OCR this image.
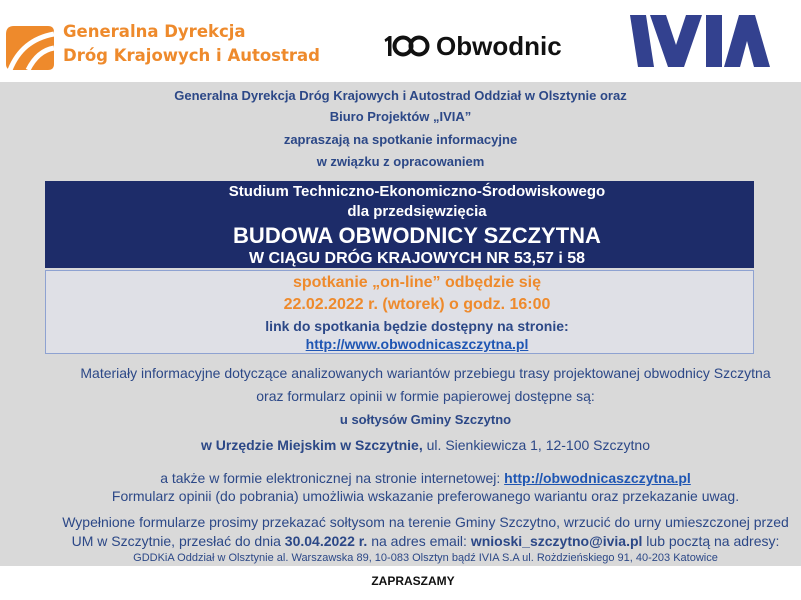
Generalna Dyrekcja
Dróg Krajowych i Autostrad	Obwodnic
Generalna Dyrekcja Dróg Krajowych i Autostrad Oddział w Olsztynie oraz
Biuro Projektów „IVIA”
zapraszają na spotkanie informacyjne
w związku z opracowaniem
Studium Techniczno-Ekonomiczno-Środowiskowego
dla przedsięwzięcia
BUDOWA OBWODNICY SZCZYTNA
W CIĄGU DRÓG KRAJOWYCH NR 53,57 i 58
spotkanie „on-line” odbędzie się
22.02.2022 r. (wtorek) o godz. 16:00
link do spotkania będzie dostępny na stronie:
http://www.obwodnicaszczytna.pl
Materiały informacyjne dotyczące analizowanych wariantów przebiegu trasy projektowanej obwodnicy Szczytna
oraz formularz opinii w formie papierowej dostępne są:
u sołtysów Gminy Szczytno
w Urzędzie Miejskim w Szczytnie, ul. Sienkiewicza 1, 12-100 Szczytno
a także w formie elektronicznej na stronie internetowej: http://obwodnicaszczytna.pl
Formularz opinii (do pobrania) umożliwia wskazanie preferowanego wariantu oraz przekazanie uwag.
Wypełnione formularze prosimy przekazać sołtysom na terenie Gminy Szczytno, wrzucić do urny umieszczonej przed
UM w Szczytnie, przesłać do dnia 30.04.2022 r. na adres email: wnioski_szczytno@ivia.pl lub pocztą na adresy:
GDDKiA Oddział w Olsztynie al. Warszawska 89, 10-083 Olsztyn bądź IVIA S.A ul. Rożdzieńskiego 91, 40-203 Katowice
ZAPRASZAMY
